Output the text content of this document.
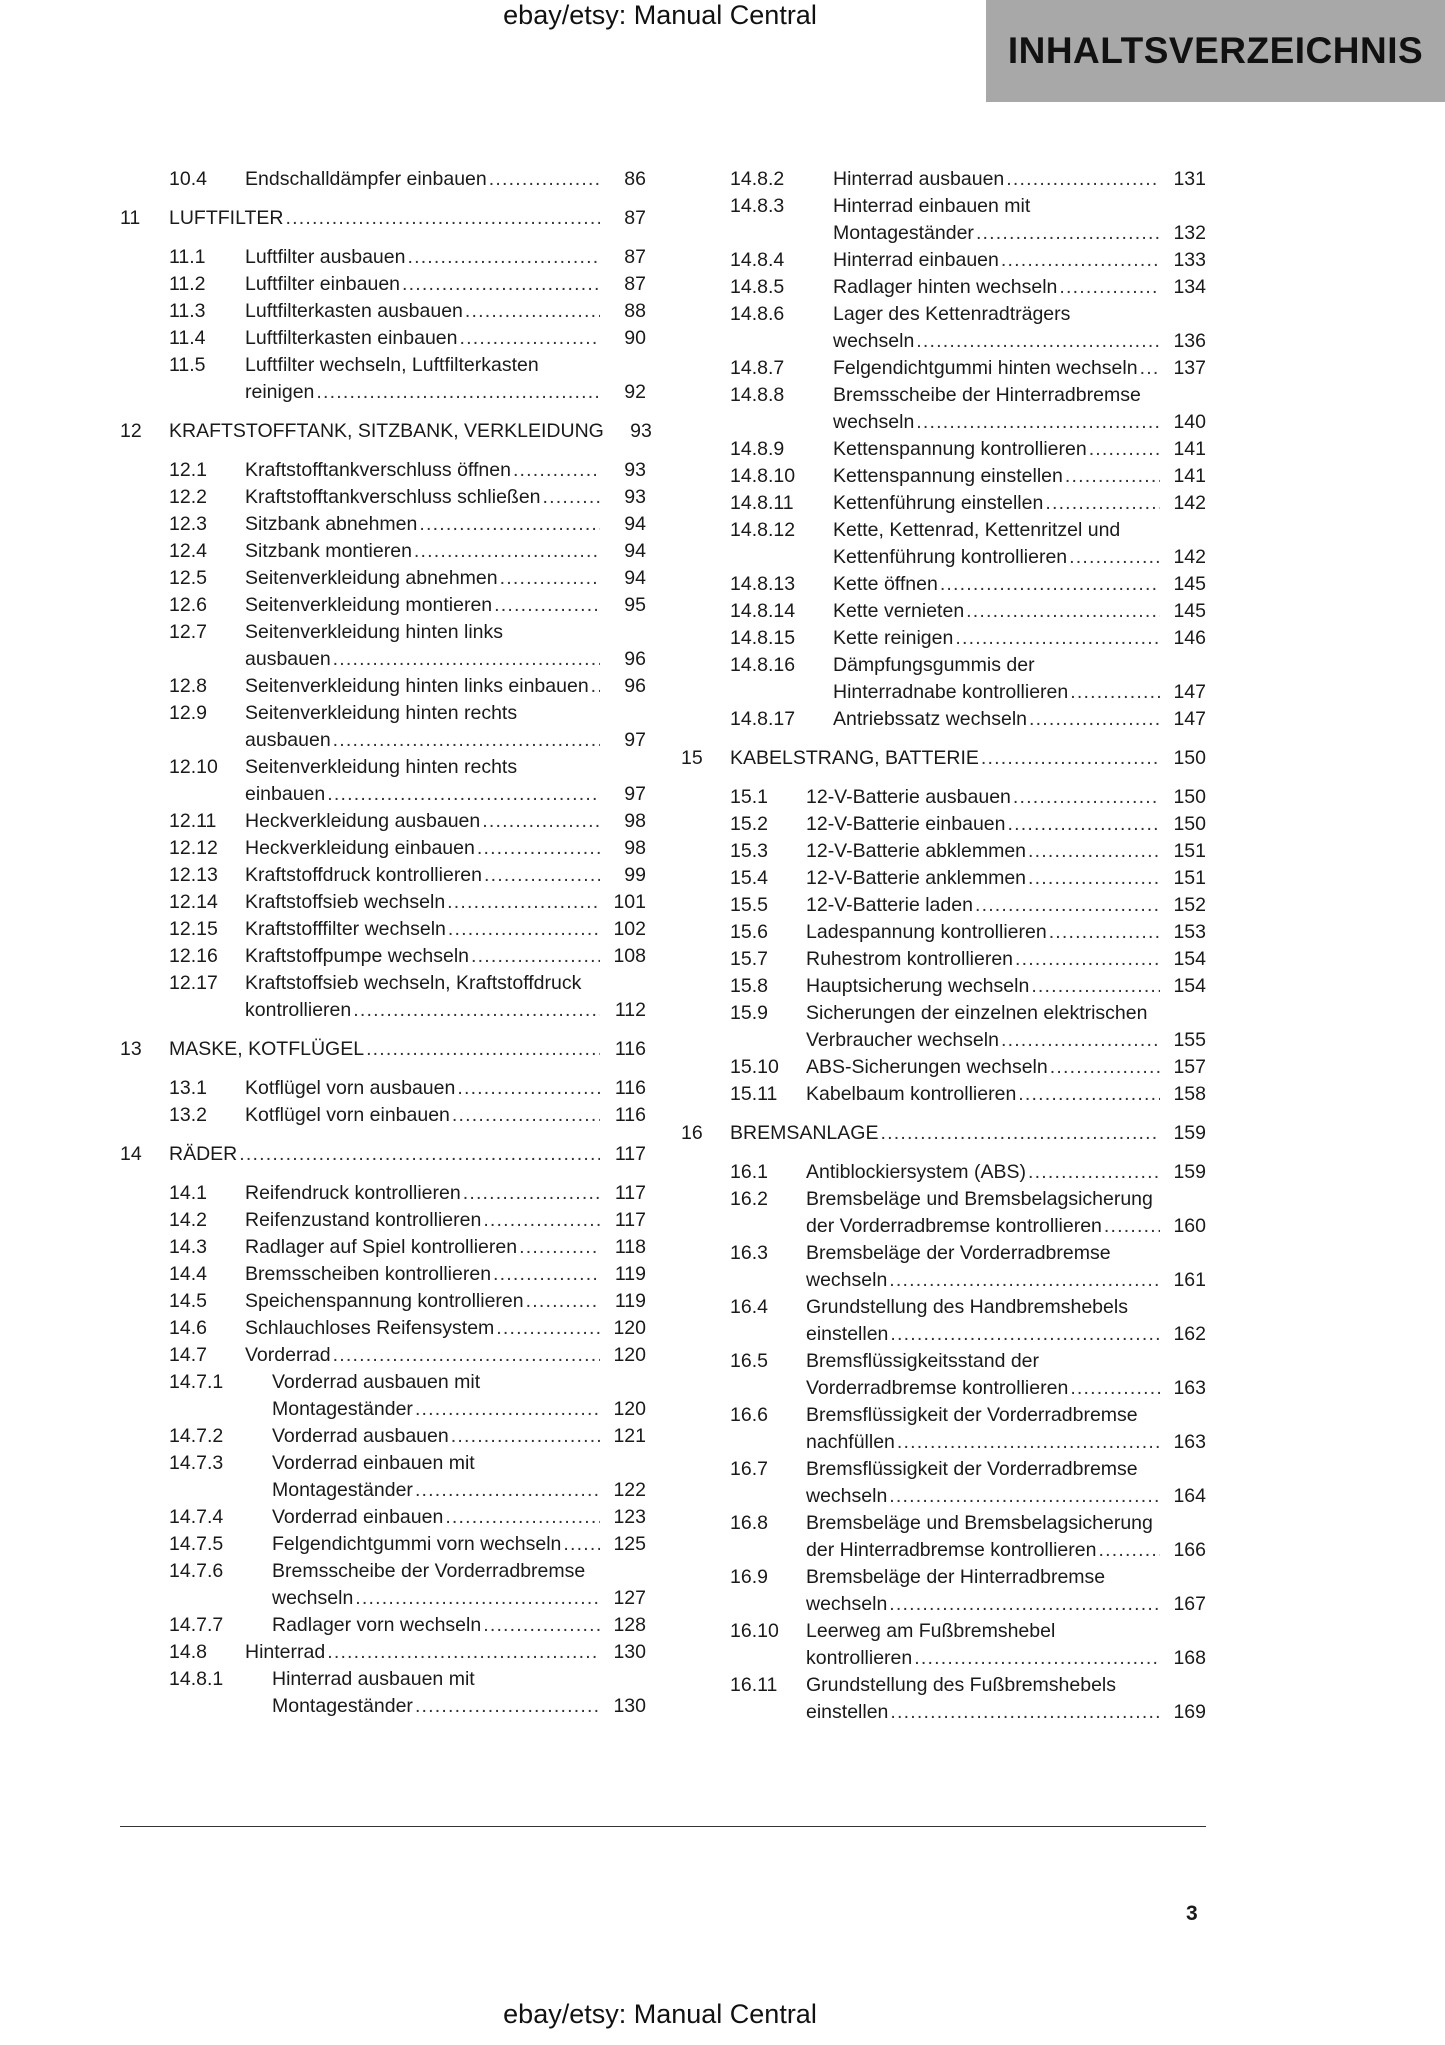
ebay/etsy: Manual Central
INHALTSVERZEICHNIS
10.4 Endschalldämpfer einbauen .....	86
11 LUFTFILTER .....	87
11.1 Luftfilter ausbauen .....	87
11.2 Luftfilter einbauen .....	87
11.3 Luftfilterkasten ausbauen .....	88
11.4 Luftfilterkasten einbauen .....	90
11.5 Luftfilter wechseln, Luftfilterkasten
reinigen .....	92
12 KRAFTSTOFFTANK, SITZBANK, VERKLEIDUNG	93
12.1 Kraftstofftankverschluss öffnen .....	93
12.2 Kraftstofftankverschluss schließen .....	93
12.3 Sitzbank abnehmen .....	94
12.4 Sitzbank montieren .....	94
12.5 Seitenverkleidung abnehmen .....	94
12.6 Seitenverkleidung montieren .....	95
12.7 Seitenverkleidung hinten links
ausbauen .....	96
12.8 Seitenverkleidung hinten links einbauen .....	96
12.9 Seitenverkleidung hinten rechts
ausbauen .....	97
12.10 Seitenverkleidung hinten rechts
einbauen .....	97
12.11 Heckverkleidung ausbauen .....	98
12.12 Heckverkleidung einbauen .....	98
12.13 Kraftstoffdruck kontrollieren .....	99
12.14 Kraftstoffsieb wechseln .....	101
12.15 Kraftstofffilter wechseln .....	102
12.16 Kraftstoffpumpe wechseln .....	108
12.17 Kraftstoffsieb wechseln, Kraftstoffdruck
kontrollieren .....	112
13 MASKE, KOTFLÜGEL .....	116
13.1 Kotflügel vorn ausbauen .....	116
13.2 Kotflügel vorn einbauen .....	116
14 RÄDER .....	117
14.1 Reifendruck kontrollieren .....	117
14.2 Reifenzustand kontrollieren .....	117
14.3 Radlager auf Spiel kontrollieren .....	118
14.4 Bremsscheiben kontrollieren .....	119
14.5 Speichenspannung kontrollieren .....	119
14.6 Schlauchloses Reifensystem .....	120
14.7 Vorderrad .....	120
14.7.1	Vorderrad ausbauen mit
Montageständer .....	120
14.7.2	Vorderrad ausbauen .....	121
14.7.3	Vorderrad einbauen mit
Montageständer .....	122
14.7.4	Vorderrad einbauen .....	123
14.7.5	Felgendichtgummi vorn wechseln .....	125
14.7.6	Bremsscheibe der Vorderradbremse
wechseln .....	127
14.7.7	Radlager vorn wechseln .....	128
14.8 Hinterrad .....	130
14.8.1	Hinterrad ausbauen mit
Montageständer .....	130
14.8.2	Hinterrad ausbauen .....	131
14.8.3	Hinterrad einbauen mit
Montageständer .....	132
14.8.4	Hinterrad einbauen .....	133
14.8.5	Radlager hinten wechseln .....	134
14.8.6	Lager des Kettenradträgers
wechseln .....	136
14.8.7	Felgendichtgummi hinten wechseln .....	137
14.8.8	Bremsscheibe der Hinterradbremse
wechseln .....	140
14.8.9	Kettenspannung kontrollieren .....	141
14.8.10 Kettenspannung einstellen .....	141
14.8.11 Kettenführung einstellen .....	142
14.8.12 Kette, Kettenrad, Kettenritzel und
Kettenführung kontrollieren .....	142
14.8.13 Kette öffnen .....	145
14.8.14 Kette vernieten .....	145
14.8.15 Kette reinigen .....	146
14.8.16 Dämpfungsgummis der
Hinterradnabe kontrollieren .....	147
14.8.17 Antriebssatz wechseln .....	147
15 KABELSTRANG, BATTERIE .....	150
15.1 12-V-Batterie ausbauen .....	150
15.2 12-V-Batterie einbauen .....	150
15.3 12-V-Batterie abklemmen .....	151
15.4 12-V-Batterie anklemmen .....	151
15.5 12-V-Batterie laden .....	152
15.6 Ladespannung kontrollieren .....	153
15.7 Ruhestrom kontrollieren .....	154
15.8 Hauptsicherung wechseln .....	154
15.9 Sicherungen der einzelnen elektrischen
Verbraucher wechseln .....	155
15.10 ABS-Sicherungen wechseln .....	157
15.11 Kabelbaum kontrollieren .....	158
16 BREMSANLAGE .....	159
16.1 Antiblockiersystem (ABS) .....	159
16.2 Bremsbeläge und Bremsbelagsicherung
der Vorderradbremse kontrollieren .....	160
16.3 Bremsbeläge der Vorderradbremse
wechseln .....	161
16.4 Grundstellung des Handbremshebels
einstellen .....	162
16.5 Bremsflüssigkeitsstand der
Vorderradbremse kontrollieren .....	163
16.6 Bremsflüssigkeit der Vorderradbremse
nachfüllen .....	163
16.7 Bremsflüssigkeit der Vorderradbremse
wechseln .....	164
16.8 Bremsbeläge und Bremsbelagsicherung
der Hinterradbremse kontrollieren .....	166
16.9 Bremsbeläge der Hinterradbremse
wechseln .....	167
16.10 Leerweg am Fußbremshebel
kontrollieren .....	168
16.11 Grundstellung des Fußbremshebels
einstellen .....	169
3
ebay/etsy: Manual Central
